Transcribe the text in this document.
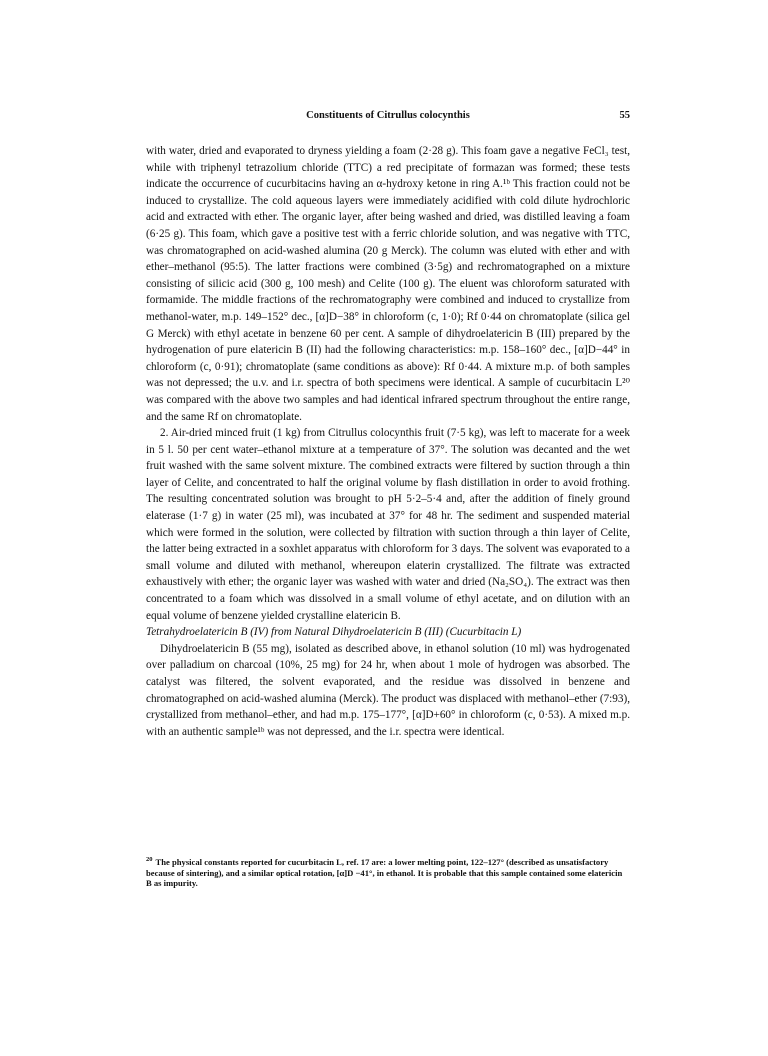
Constituents of Citrullus colocynthis	55

with water, dried and evaporated to dryness yielding a foam (2·28 g). This foam gave a negative FeCl₃ test, while with triphenyl tetrazolium chloride (TTC) a red precipitate of formazan was formed; these tests indicate the occurrence of cucurbitacins having an α-hydroxy ketone in ring A.¹ᵇ This fraction could not be induced to crystallize. The cold aqueous layers were immediately acidified with cold dilute hydrochloric acid and extracted with ether. The organic layer, after being washed and dried, was distilled leaving a foam (6·25 g). This foam, which gave a positive test with a ferric chloride solution, and was negative with TTC, was chromatographed on acid-washed alumina (20 g Merck). The column was eluted with ether and with ether–methanol (95:5). The latter fractions were combined (3·5g) and rechromatographed on a mixture consisting of silicic acid (300 g, 100 mesh) and Celite (100 g). The eluent was chloroform saturated with formamide. The middle fractions of the rechromatography were combined and induced to crystallize from methanol-water, m.p. 149–152° dec., [α]D−38° in chloroform (c, 1·0); Rf 0·44 on chromatoplate (silica gel G Merck) with ethyl acetate in benzene 60 per cent. A sample of dihydroelatericin B (III) prepared by the hydrogenation of pure elatericin B (II) had the following characteristics: m.p. 158–160° dec., [α]D−44° in chloroform (c, 0·91); chromatoplate (same conditions as above): Rf 0·44. A mixture m.p. of both samples was not depressed; the u.v. and i.r. spectra of both specimens were identical. A sample of cucurbitacin L²⁰ was compared with the above two samples and had identical infrared spectrum throughout the entire range, and the same Rf on chromatoplate.

2. Air-dried minced fruit (1 kg) from Citrullus colocynthis fruit (7·5 kg), was left to macerate for a week in 5 l. 50 per cent water–ethanol mixture at a temperature of 37°. The solution was decanted and the wet fruit washed with the same solvent mixture. The combined extracts were filtered by suction through a thin layer of Celite, and concentrated to half the original volume by flash distillation in order to avoid frothing. The resulting concentrated solution was brought to pH 5·2–5·4 and, after the addition of finely ground elaterase (1·7 g) in water (25 ml), was incubated at 37° for 48 hr. The sediment and suspended material which were formed in the solution, were collected by filtration with suction through a thin layer of Celite, the latter being extracted in a soxhlet apparatus with chloroform for 3 days. The solvent was evaporated to a small volume and diluted with methanol, whereupon elaterin crystallized. The filtrate was extracted exhaustively with ether; the organic layer was washed with water and dried (Na₂SO₄). The extract was then concentrated to a foam which was dissolved in a small volume of ethyl acetate, and on dilution with an equal volume of benzene yielded crystalline elatericin B.

Tetrahydroelatericin B (IV) from Natural Dihydroelatericin B (III) (Cucurbitacin L)

Dihydroelatericin B (55 mg), isolated as described above, in ethanol solution (10 ml) was hydrogenated over palladium on charcoal (10%, 25 mg) for 24 hr, when about 1 mole of hydrogen was absorbed. The catalyst was filtered, the solvent evaporated, and the residue was dissolved in benzene and chromatographed on acid-washed alumina (Merck). The product was displaced with methanol–ether (7:93), crystallized from methanol–ether, and had m.p. 175–177°, [α]D+60° in chloroform (c, 0·53). A mixed m.p. with an authentic sample¹ᵇ was not depressed, and the i.r. spectra were identical.

$^{20}$ The physical constants reported for cucurbitacin L, ref. 17 are: a lower melting point, 122–127° (described as unsatisfactory because of sintering), and a similar optical rotation, [α]D −41°, in ethanol. It is probable that this sample contained some elatericin B as impurity.
